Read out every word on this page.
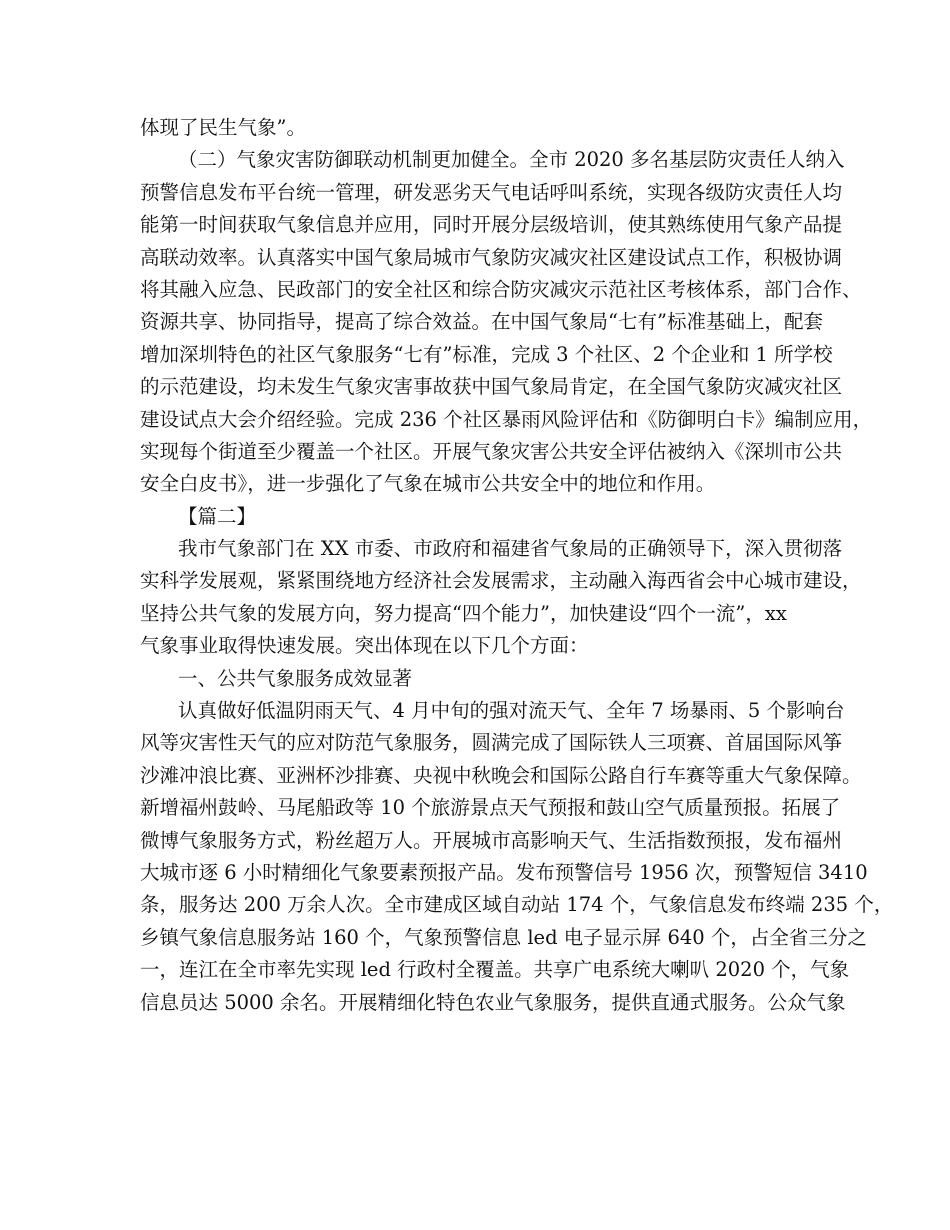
体现了民生气象”。
（二）气象灾害防御联动机制更加健全。全市 2020 多名基层防灾责任人纳入
预警信息发布平台统一管理，研发恶劣天气电话呼叫系统，实现各级防灾责任人均
能第一时间获取气象信息并应用，同时开展分层级培训，使其熟练使用气象产品提
高联动效率。认真落实中国气象局城市气象防灾减灾社区建设试点工作，积极协调
将其融入应急、民政部门的安全社区和综合防灾减灾示范社区考核体系，部门合作、
资源共享、协同指导，提高了综合效益。在中国气象局“七有”标准基础上，配套
增加深圳特色的社区气象服务“七有”标准，完成 3 个社区、2 个企业和 1 所学校
的示范建设，均未发生气象灾害事故获中国气象局肯定，在全国气象防灾减灾社区
建设试点大会介绍经验。完成 236 个社区暴雨风险评估和《防御明白卡》编制应用，
实现每个街道至少覆盖一个社区。开展气象灾害公共安全评估被纳入《深圳市公共
安全白皮书》，进一步强化了气象在城市公共安全中的地位和作用。
【篇二】
我市气象部门在 XX 市委、市政府和福建省气象局的正确领导下，深入贯彻落
实科学发展观，紧紧围绕地方经济社会发展需求，主动融入海西省会中心城市建设，
坚持公共气象的发展方向，努力提高“四个能力”，加快建设“四个一流”，xx
气象事业取得快速发展。突出体现在以下几个方面：
一、公共气象服务成效显著
认真做好低温阴雨天气、4 月中旬的强对流天气、全年 7 场暴雨、5 个影响台
风等灾害性天气的应对防范气象服务，圆满完成了国际铁人三项赛、首届国际风筝
沙滩冲浪比赛、亚洲杯沙排赛、央视中秋晚会和国际公路自行车赛等重大气象保障。
新增福州鼓岭、马尾船政等 10 个旅游景点天气预报和鼓山空气质量预报。拓展了
微博气象服务方式，粉丝超万人。开展城市高影响天气、生活指数预报，发布福州
大城市逐 6 小时精细化气象要素预报产品。发布预警信号 1956 次，预警短信 3410
条，服务达 200 万余人次。全市建成区域自动站 174 个，气象信息发布终端 235 个，
乡镇气象信息服务站 160 个，气象预警信息 led 电子显示屏 640 个，占全省三分之
一，连江在全市率先实现 led 行政村全覆盖。共享广电系统大喇叭 2020 个，气象
信息员达 5000 余名。开展精细化特色农业气象服务，提供直通式服务。公众气象
